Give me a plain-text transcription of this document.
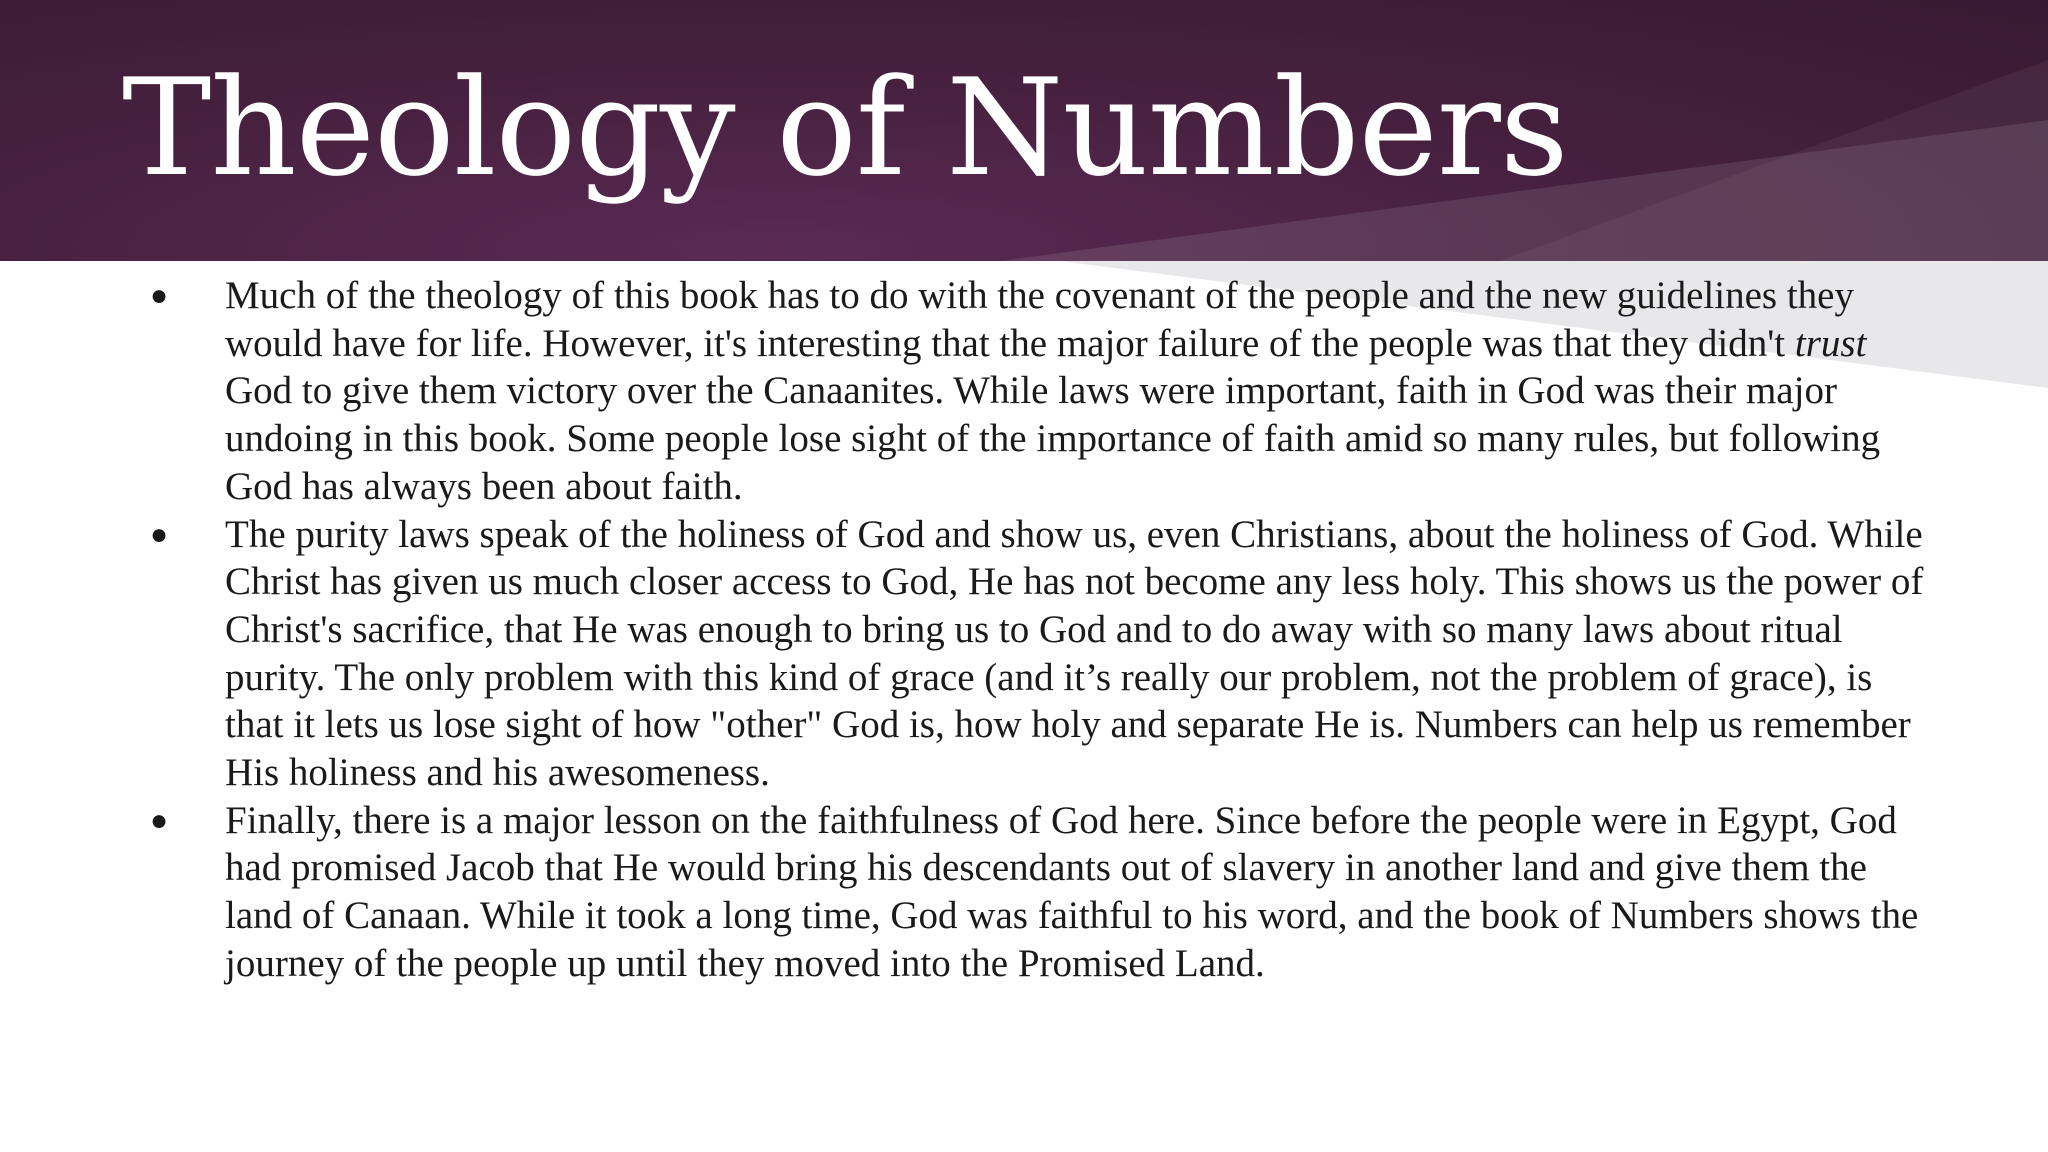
Theology of Numbers
●	Much of the theology of this book has to do with the covenant of the people and the new guidelines they would have for life. However, it's interesting that the major failure of the people was that they didn't trust God to give them victory over the Canaanites. While laws were important, faith in God was their major undoing in this book. Some people lose sight of the importance of faith amid so many rules, but following God has always been about faith.
●	The purity laws speak of the holiness of God and show us, even Christians, about the holiness of God. While Christ has given us much closer access to God, He has not become any less holy. This shows us the power of Christ's sacrifice, that He was enough to bring us to God and to do away with so many laws about ritual purity. The only problem with this kind of grace (and it’s really our problem, not the problem of grace), is that it lets us lose sight of how "other" God is, how holy and separate He is. Numbers can help us remember His holiness and his awesomeness.
●	Finally, there is a major lesson on the faithfulness of God here. Since before the people were in Egypt, God had promised Jacob that He would bring his descendants out of slavery in another land and give them the land of Canaan. While it took a long time, God was faithful to his word, and the book of Numbers shows the journey of the people up until they moved into the Promised Land.
